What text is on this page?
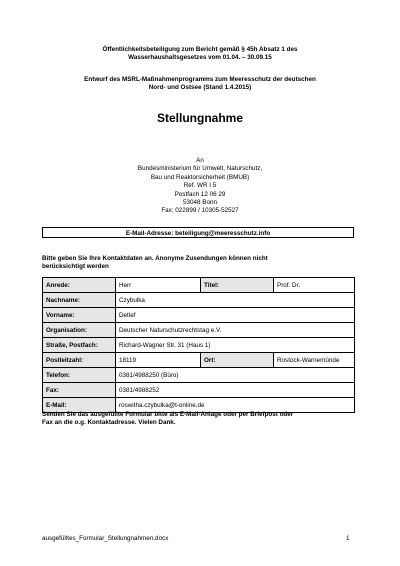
Öffentlichkeitsbeteiligung zum Bericht gemäß § 45h Absatz 1 des
Wasserhaushaltsgesetzes vom 01.04. – 30.09.15
Entwurf des MSRL-Maßnahmenprogramms zum Meeresschutz der deutschen
Nord- und Ostsee (Stand 1.4.2015)
Stellungnahme
An
Bundesministerium für Umwelt, Naturschutz,
Bau und Reaktorsicherheit (BMUB)
Ref. WR I 5
Postfach 12 06 29
53048 Bonn
Fax: 022899 / 10305-52527
E-Mail-Adresse: beteiligung@meeresschutz.info
Bitte geben Sie Ihre Kontaktdaten an. Anonyme Zusendungen können nicht
berücksichtigt werden
Anrede:	Herr	Titel:	Prof. Dr.
Nachname:	Czybulka		
Vorname:	Detlef		
Organisation:	Deutscher Naturschutzrechtstag e.V.		
Straße, Postfach:	Richard-Wagner Str. 31 (Haus 1)		
Postleitzahl:	18119	Ort:	Rostock-Warnemünde
Telefon:	0381/4988250 (Büro)		
Fax:	0381/4988252		
E-Mail:	roswitha.czybulka@t-online.de		
Senden Sie das ausgefüllte Formular bitte als E-Mail-Anlage oder per Briefpost oder
Fax an die o.g. Kontaktadresse. Vielen Dank.
ausgefülltes_Formular_Stellungnahmen.docx	1
